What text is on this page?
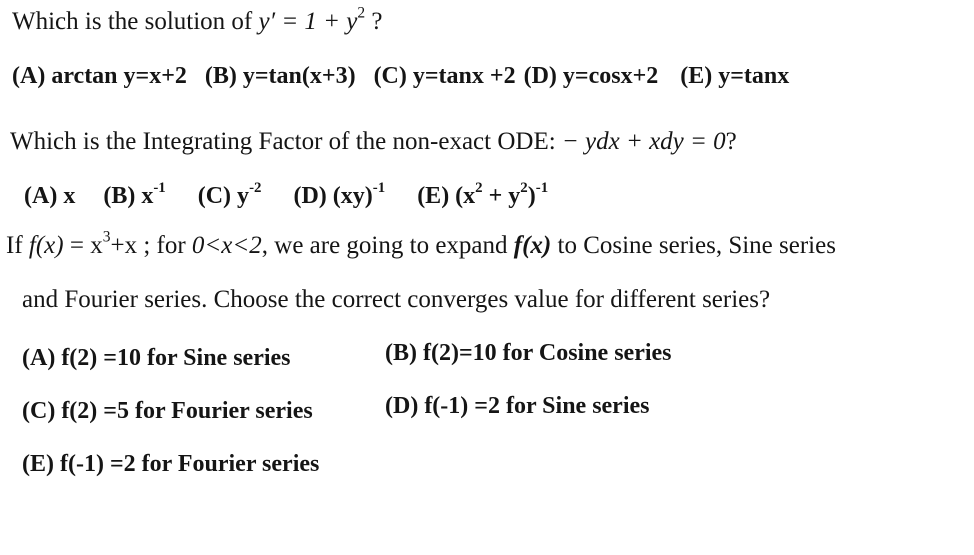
Which is the solution of $y' = 1 + y^2$ ?
(A) arctan y=x+2 (B) y=tan(x+3) (C) y=tanx +2 (D) y=cosx+2 (E) y=tanx
Which is the Integrating Factor of the non-exact ODE: − ydx + xdy = 0?
(A) x (B) $x^{-1}$ (C) $y^{-2}$ (D) (xy)$^{-1}$ (E) $(x^2 + y^2)^{-1}$
If $f(x) = x^3+x$ ; for 0<x<2, we are going to expand f(x) to Cosine series, Sine series
and Fourier series. Choose the correct converges value for different series?
(A) f(2) =10 for Sine series	(B) f(2)=10 for Cosine series
(C) f(2) =5 for Fourier series	(D) f(-1) =2 for Sine series
(E) f(-1) =2 for Fourier series
